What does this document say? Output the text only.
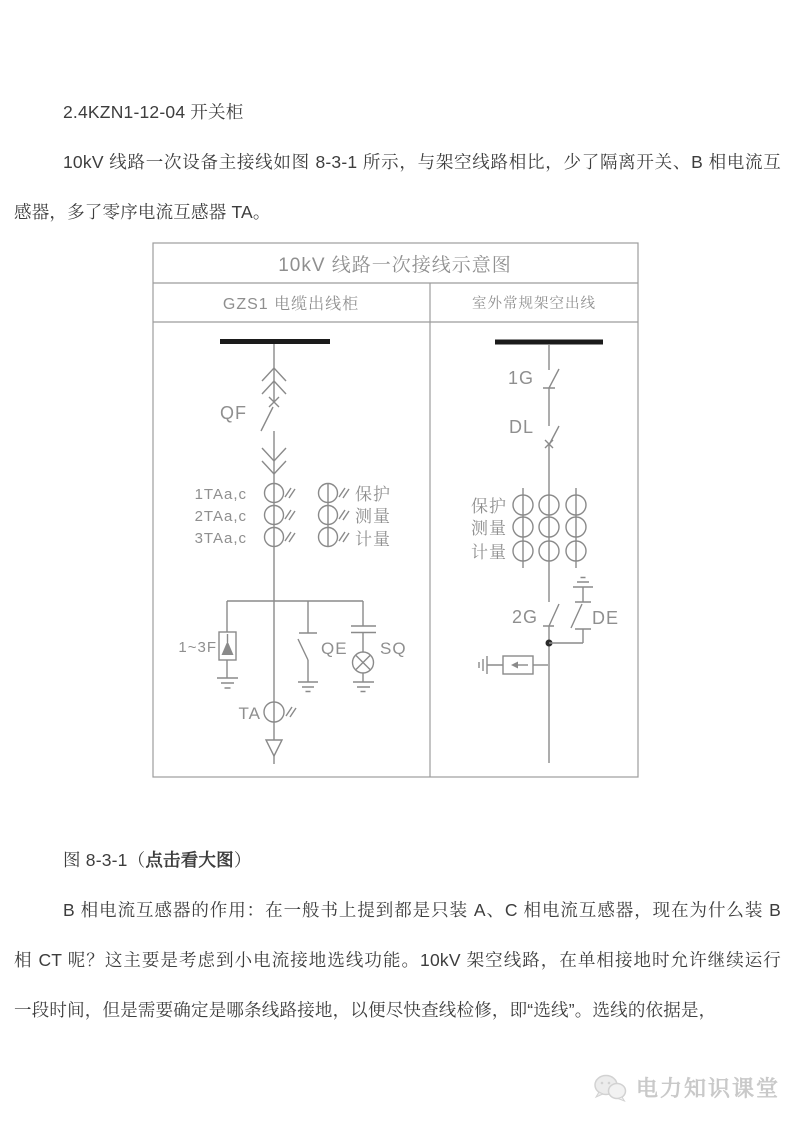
2.4KZN1-12-04 开关柜
10kV 线路一次设备主接线如图 8-3-1 所示，与架空线路相比，少了隔离开关、B 相电流互
感器，多了零序电流互感器 TA。
10kV 线路一次接线示意图
GZS1 电缆出线柜	室外常规架空出线
QF
1TAa,c
2TAa,c
3TAa,c
保护
测量
计量
1~3F	QE SQ
TA
1G
DL
保护
测量
计量
2G	DE
图 8-3-1（点击看大图）
B 相电流互感器的作用：在一般书上提到都是只装 A、C 相电流互感器，现在为什么装 B
相 CT 呢？这主要是考虑到小电流接地选线功能。10kV 架空线路，在单相接地时允许继续运行
一段时间，但是需要确定是哪条线路接地，以便尽快查线检修，即“选线”。选线的依据是，
电力知识课堂
